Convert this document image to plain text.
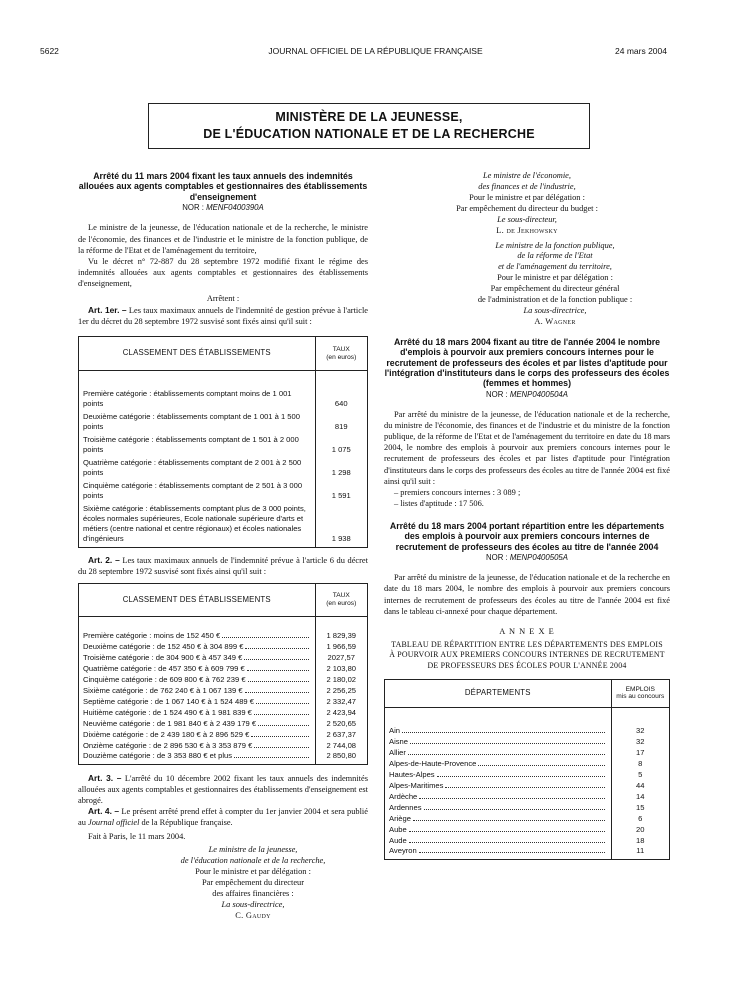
5622	JOURNAL OFFICIEL DE LA RÉPUBLIQUE FRANÇAISE	24 mars 2004
MINISTÈRE DE LA JEUNESSE,
DE L'ÉDUCATION NATIONALE ET DE LA RECHERCHE
Arrêté du 11 mars 2004 fixant les taux annuels des indemnités allouées aux agents comptables et gestionnaires des établissements d'enseignement
NOR : MENF0400390A

Le ministre de la jeunesse, de l'éducation nationale et de la recherche, le ministre de l'économie, des finances et de l'industrie et le ministre de la fonction publique, de la réforme de l'Etat et de l'aménagement du territoire,

Vu le décret n° 72-887 du 28 septembre 1972 modifié fixant le régime des indemnités allouées aux agents comptables et gestionnaires des établissements d'enseignement,

Arrêtent :

Art. 1er. – Les taux maximaux annuels de l'indemnité de gestion prévue à l'article 1er du décret du 28 septembre 1972 susvisé sont fixés ainsi qu'il suit :

CLASSEMENT DES ÉTABLISSEMENTS	TAUX
(en euros)

Première catégorie : établissements comptant moins de 1 001 points	640

Deuxième catégorie : établissements comptant de 1 001 à 1 500 points	819

Troisième catégorie : établissements comptant de 1 501 à 2 000 points	1 075

Quatrième catégorie : établissements comptant de 2 001 à 2 500 points	1 298

Cinquième catégorie : établissements comptant de 2 501 à 3 000 points	1 591

Sixième catégorie : établissements comptant plus de 3 000 points, écoles normales supérieures, Ecole nationale supérieure d'arts et métiers (centre national et centre régionaux) et écoles nationales d'ingénieurs	1 938

Art. 2. – Les taux maximaux annuels de l'indemnité prévue à l'article 6 du décret du 28 septembre 1972 susvisé sont fixés ainsi qu'il suit :

CLASSEMENT DES ÉTABLISSEMENTS	TAUX
(en euros)

Première catégorie : moins de 152 450 €	1 829,39

Deuxième catégorie : de 152 450 € à 304 899 €	1 966,59

Troisième catégorie : de 304 900 € à 457 349 €	2027,57

Quatrième catégorie : de 457 350 € à 609 799 €	2 103,80

Cinquième catégorie : de 609 800 € à 762 239 €	2 180,02

Sixième catégorie : de 762 240 € à 1 067 139 €	2 256,25

Septième catégorie : de 1 067 140 € à 1 524 489 €	2 332,47

Huitième catégorie : de 1 524 490 € à 1 981 839 €	2 423,94

Neuvième catégorie : de 1 981 840 € à 2 439 179 €	2 520,65

Dixième catégorie : de 2 439 180 € à 2 896 529 €	2 637,37

Onzième catégorie : de 2 896 530 € à 3 353 879 €	2 744,08

Douzième catégorie : de 3 353 880 € et plus	2 850,80

Art. 3. – L'arrêté du 10 décembre 2002 fixant les taux annuels des indemnités allouées aux agents comptables et gestionnaires des établissements d'enseignement est abrogé.

Art. 4. – Le présent arrêté prend effet à compter du 1er janvier 2004 et sera publié au Journal officiel de la République française.

Fait à Paris, le 11 mars 2004.

Le ministre de la jeunesse,
de l'éducation nationale et de la recherche,
Pour le ministre et par délégation :
Par empêchement du directeur
des affaires financières :
La sous-directrice,
C. Gaudy
Le ministre de l'économie,
des finances et de l'industrie,
Pour le ministre et par délégation :
Par empêchement du directeur du budget :
Le sous-directeur,
L. de Jekhowsky
Le ministre de la fonction publique,
de la réforme de l'Etat
et de l'aménagement du territoire,
Pour le ministre et par délégation :
Par empêchement du directeur général
de l'administration et de la fonction publique :
La sous-directrice,
A. Wagner
Arrêté du 18 mars 2004 fixant au titre de l'année 2004 le nombre d'emplois à pourvoir aux premiers concours internes pour le recrutement de professeurs des écoles et par listes d'aptitude pour l'intégration d'instituteurs dans le corps des professeurs des écoles (femmes et hommes)
NOR : MENP0400504A

Par arrêté du ministre de la jeunesse, de l'éducation nationale et de la recherche, du ministre de l'économie, des finances et de l'industrie et du ministre de la fonction publique, de la réforme de l'Etat et de l'aménagement du territoire en date du 18 mars 2004, le nombre des emplois à pourvoir aux premiers concours internes pour le recrutement de professeurs des écoles et par listes d'aptitude pour l'intégration d'instituteurs dans le corps des professeurs des écoles au titre de l'année 2004 est fixé ainsi qu'il suit :

– premiers concours internes : 3 089 ;
– listes d'aptitude : 17 506.
Arrêté du 18 mars 2004 portant répartition entre les départements des emplois à pourvoir aux premiers concours internes de recrutement de professeurs des écoles au titre de l'année 2004
NOR : MENP0400505A

Par arrêté du ministre de la jeunesse, de l'éducation nationale et de la recherche en date du 18 mars 2004, le nombre des emplois à pourvoir aux premiers concours internes de recrutement de professeurs des écoles au titre de l'année 2004 est fixé dans le tableau ci-annexé pour chaque département.

A N N E X E

TABLEAU DE RÉPARTITION ENTRE LES DÉPARTEMENTS DES EMPLOIS À POURVOIR AUX PREMIERS CONCOURS INTERNES DE RECRUTEMENT DE PROFESSEURS DES ÉCOLES POUR L'ANNÉE 2004

DÉPARTEMENTS	EMPLOIS
mis au concours

Ain	32

Aisne	32

Allier	17

Alpes-de-Haute-Provence	8

Hautes-Alpes	5

Alpes-Maritimes	44

Ardèche	14

Ardennes	15

Ariège	6

Aube	20

Aude	18

Aveyron	11
